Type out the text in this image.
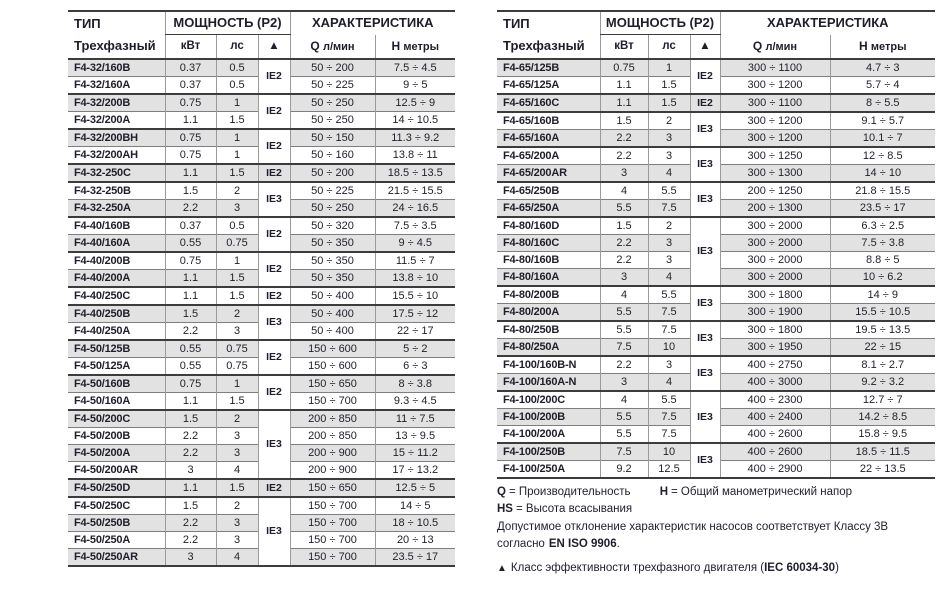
ТИП
Трехфазный	МОЩНОСТЬ (P2)			ХАРАКТЕРИСТИКА	
	кВт	лс	▲	Q л/мин	H метры
F4-32/160B	0.37	0.5	IE2	50 ÷ 200	7.5 ÷ 4.5
F4-32/160A	0.37	0.5		50 ÷ 225	9 ÷ 5
F4-32/200B	0.75	1	IE2	50 ÷ 250	12.5 ÷ 9
F4-32/200A	1.1	1.5		50 ÷ 250	14 ÷ 10.5
F4-32/200BH	0.75	1	IE2	50 ÷ 150	11.3 ÷ 9.2
F4-32/200AH	0.75	1		50 ÷ 160	13.8 ÷ 11
F4-32-250C	1.1	1.5	IE2	50 ÷ 200	18.5 ÷ 13.5
F4-32-250B	1.5	2	IE3	50 ÷ 225	21.5 ÷ 15.5
F4-32-250A	2.2	3		50 ÷ 250	24 ÷ 16.5
F4-40/160B	0.37	0.5	IE2	50 ÷ 320	7.5 ÷ 3.5
F4-40/160A	0.55	0.75		50 ÷ 350	9 ÷ 4.5
F4-40/200B	0.75	1	IE2	50 ÷ 350	11.5 ÷ 7
F4-40/200A	1.1	1.5		50 ÷ 350	13.8 ÷ 10
F4-40/250C	1.1	1.5	IE2	50 ÷ 400	15.5 ÷ 10
F4-40/250B	1.5	2	IE3	50 ÷ 400	17.5 ÷ 12
F4-40/250A	2.2	3		50 ÷ 400	22 ÷ 17
F4-50/125B	0.55	0.75	IE2	150 ÷ 600	5 ÷ 2
F4-50/125A	0.55	0.75		150 ÷ 600	6 ÷ 3
F4-50/160B	0.75	1	IE2	150 ÷ 650	8 ÷ 3.8
F4-50/160A	1.1	1.5		150 ÷ 700	9.3 ÷ 4.5
F4-50/200C	1.5	2	IE3	200 ÷ 850	11 ÷ 7.5
F4-50/200B	2.2	3		200 ÷ 850	13 ÷ 9.5
F4-50/200A	2.2	3		200 ÷ 900	15 ÷ 11.2
F4-50/200AR	3	4		200 ÷ 900	17 ÷ 13.2
F4-50/250D	1.1	1.5	IE2	150 ÷ 650	12.5 ÷ 5
F4-50/250C	1.5	2	IE3	150 ÷ 700	14 ÷ 5
F4-50/250B	2.2	3		150 ÷ 700	18 ÷ 10.5
F4-50/250A	2.2	3		150 ÷ 700	20 ÷ 13
F4-50/250AR	3	4		150 ÷ 700	23.5 ÷ 17
ТИП
Трехфазный	МОЩНОСТЬ (P2)			ХАРАКТЕРИСТИКА	
	кВт	лс	▲	Q л/мин	H метры
F4-65/125B	0.75	1	IE2	300 ÷ 1100	4.7 ÷ 3
F4-65/125A	1.1	1.5		300 ÷ 1200	5.7 ÷ 4
F4-65/160C	1.1	1.5	IE2	300 ÷ 1100	8 ÷ 5.5
F4-65/160B	1.5	2	IE3	300 ÷ 1200	9.1 ÷ 5.7
F4-65/160A	2.2	3		300 ÷ 1200	10.1 ÷ 7
F4-65/200A	2.2	3	IE3	300 ÷ 1250	12 ÷ 8.5
F4-65/200AR	3	4		300 ÷ 1300	14 ÷ 10
F4-65/250B	4	5.5	IE3	200 ÷ 1250	21.8 ÷ 15.5
F4-65/250A	5.5	7.5		200 ÷ 1300	23.5 ÷ 17
F4-80/160D	1.5	2	IE3	300 ÷ 2000	6.3 ÷ 2.5
F4-80/160C	2.2	3		300 ÷ 2000	7.5 ÷ 3.8
F4-80/160B	2.2	3		300 ÷ 2000	8.8 ÷ 5
F4-80/160A	3	4		300 ÷ 2000	10 ÷ 6.2
F4-80/200B	4	5.5	IE3	300 ÷ 1800	14 ÷ 9
F4-80/200A	5.5	7.5		300 ÷ 1900	15.5 ÷ 10.5
F4-80/250B	5.5	7.5	IE3	300 ÷ 1800	19.5 ÷ 13.5
F4-80/250A	7.5	10		300 ÷ 1950	22 ÷ 15
F4-100/160B-N	2.2	3	IE3	400 ÷ 2750	8.1 ÷ 2.7
F4-100/160A-N	3	4		400 ÷ 3000	9.2 ÷ 3.2
F4-100/200C	4	5.5	IE3	400 ÷ 2300	12.7 ÷ 7
F4-100/200B	5.5	7.5		400 ÷ 2400	14.2 ÷ 8.5
F4-100/200A	5.5	7.5		400 ÷ 2600	15.8 ÷ 9.5
F4-100/250B	7.5	10	IE3	400 ÷ 2600	18.5 ÷ 11.5
F4-100/250A	9.2	12.5		400 ÷ 2900	22 ÷ 13.5
Q = Производительность	H = Общий манометрический напор
HS = Высота всасывания
Допустимое отклонение характеристик насосов соответствует Классу 3В
согласно EN ISO 9906.
▲ Класс эффективности трехфазного двигателя (IEC 60034-30)
